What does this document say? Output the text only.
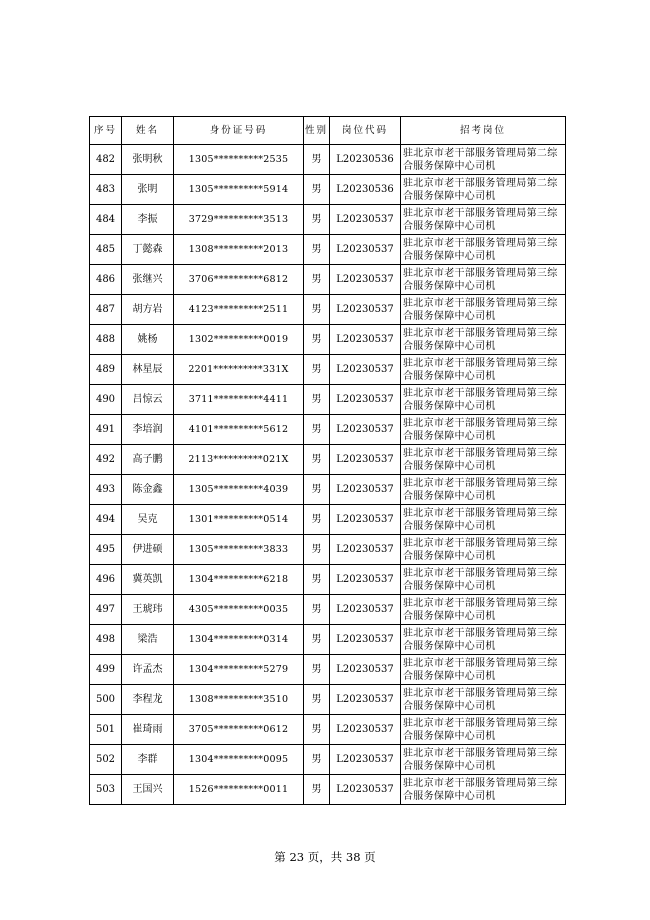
序号	姓名	身份证号码	性别	岗位代码	招考岗位
482	张明秋	1305**********2535	男	L20230536	驻北京市老干部服务管理局第二综合服务保障中心司机
483	张明	1305**********5914	男	L20230536	驻北京市老干部服务管理局第二综合服务保障中心司机
484	李振	3729**********3513	男	L20230537	驻北京市老干部服务管理局第三综合服务保障中心司机
485	丁懿森	1308**********2013	男	L20230537	驻北京市老干部服务管理局第三综合服务保障中心司机
486	张继兴	3706**********6812	男	L20230537	驻北京市老干部服务管理局第三综合服务保障中心司机
487	胡方岩	4123**********2511	男	L20230537	驻北京市老干部服务管理局第三综合服务保障中心司机
488	姚杨	1302**********0019	男	L20230537	驻北京市老干部服务管理局第三综合服务保障中心司机
489	林星辰	2201**********331X	男	L20230537	驻北京市老干部服务管理局第三综合服务保障中心司机
490	吕惊云	3711**********4411	男	L20230537	驻北京市老干部服务管理局第三综合服务保障中心司机
491	李培润	4101**********5612	男	L20230537	驻北京市老干部服务管理局第三综合服务保障中心司机
492	高子鹏	2113**********021X	男	L20230537	驻北京市老干部服务管理局第三综合服务保障中心司机
493	陈金鑫	1305**********4039	男	L20230537	驻北京市老干部服务管理局第三综合服务保障中心司机
494	吴克	1301**********0514	男	L20230537	驻北京市老干部服务管理局第三综合服务保障中心司机
495	伊进硕	1305**********3833	男	L20230537	驻北京市老干部服务管理局第三综合服务保障中心司机
496	冀英凯	1304**********6218	男	L20230537	驻北京市老干部服务管理局第三综合服务保障中心司机
497	王琥玮	4305**********0035	男	L20230537	驻北京市老干部服务管理局第三综合服务保障中心司机
498	梁浩	1304**********0314	男	L20230537	驻北京市老干部服务管理局第三综合服务保障中心司机
499	许孟杰	1304**********5279	男	L20230537	驻北京市老干部服务管理局第三综合服务保障中心司机
500	李程龙	1308**********3510	男	L20230537	驻北京市老干部服务管理局第三综合服务保障中心司机
501	崔琦雨	3705**********0612	男	L20230537	驻北京市老干部服务管理局第三综合服务保障中心司机
502	李群	1304**********0095	男	L20230537	驻北京市老干部服务管理局第三综合服务保障中心司机
503	王国兴	1526**********0011	男	L20230537	驻北京市老干部服务管理局第三综合服务保障中心司机
第 23 页，共 38 页
